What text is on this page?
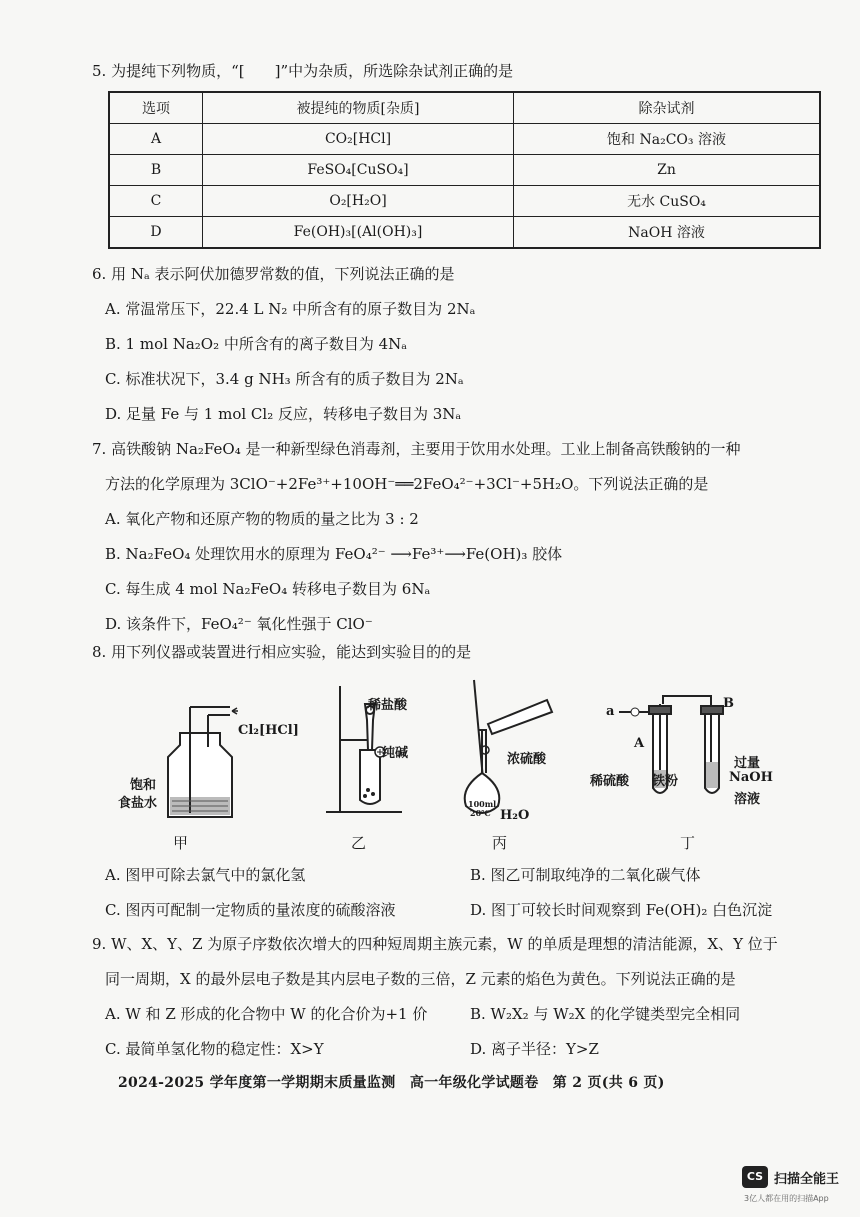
5. 为提纯下列物质，“[　　]”中为杂质，所选除杂试剂正确的是
选项	被提纯的物质[杂质]	除杂试剂
A	CO₂[HCl]	饱和 Na₂CO₃ 溶液
B	FeSO₄[CuSO₄]	Zn
C	O₂[H₂O]	无水 CuSO₄
D	Fe(OH)₃[(Al(OH)₃]	NaOH 溶液
6. 用 Nₐ 表示阿伏加德罗常数的值，下列说法正确的是
A. 常温常压下，22.4 L N₂ 中所含有的原子数目为 2Nₐ
B. 1 mol Na₂O₂ 中所含有的离子数目为 4Nₐ
C. 标准状况下，3.4 g NH₃ 所含有的质子数目为 2Nₐ
D. 足量 Fe 与 1 mol Cl₂ 反应，转移电子数目为 3Nₐ
7. 高铁酸钠 Na₂FeO₄ 是一种新型绿色消毒剂，主要用于饮用水处理。工业上制备高铁酸钠的一种
方法的化学原理为 3ClO⁻+2Fe³⁺+10OH⁻══2FeO₄²⁻+3Cl⁻+5H₂O。下列说法正确的是
A. 氧化产物和还原产物的物质的量之比为 3 : 2
B. Na₂FeO₄ 处理饮用水的原理为 FeO₄²⁻ ⟶Fe³⁺⟶Fe(OH)₃ 胶体
C. 每生成 4 mol Na₂FeO₄ 转移电子数目为 6Nₐ
D. 该条件下，FeO₄²⁻ 氧化性强于 ClO⁻
8. 用下列仪器或装置进行相应实验，能达到实验目的的是
Cl₂[HCl]
饱和
食盐水
甲
稀盐酸
纯碱
乙
浓硫酸
100ml
20℃ H₂O
丙
a
A
B
稀硫酸 铁粉
过量
NaOH
溶液
丁
A. 图甲可除去氯气中的氯化氢	B. 图乙可制取纯净的二氧化碳气体
C. 图丙可配制一定物质的量浓度的硫酸溶液	D. 图丁可较长时间观察到 Fe(OH)₂ 白色沉淀
9. W、X、Y、Z 为原子序数依次增大的四种短周期主族元素，W 的单质是理想的清洁能源，X、Y 位于
同一周期，X 的最外层电子数是其内层电子数的三倍，Z 元素的焰色为黄色。下列说法正确的是
A. W 和 Z 形成的化合物中 W 的化合价为+1 价	B. W₂X₂ 与 W₂X 的化学键类型完全相同
C. 最简单氢化物的稳定性：X>Y	D. 离子半径：Y>Z
2024-2025 学年度第一学期期末质量监测　高一年级化学试题卷　第 2 页(共 6 页)
CS 扫描全能王
3亿人都在用的扫描App
